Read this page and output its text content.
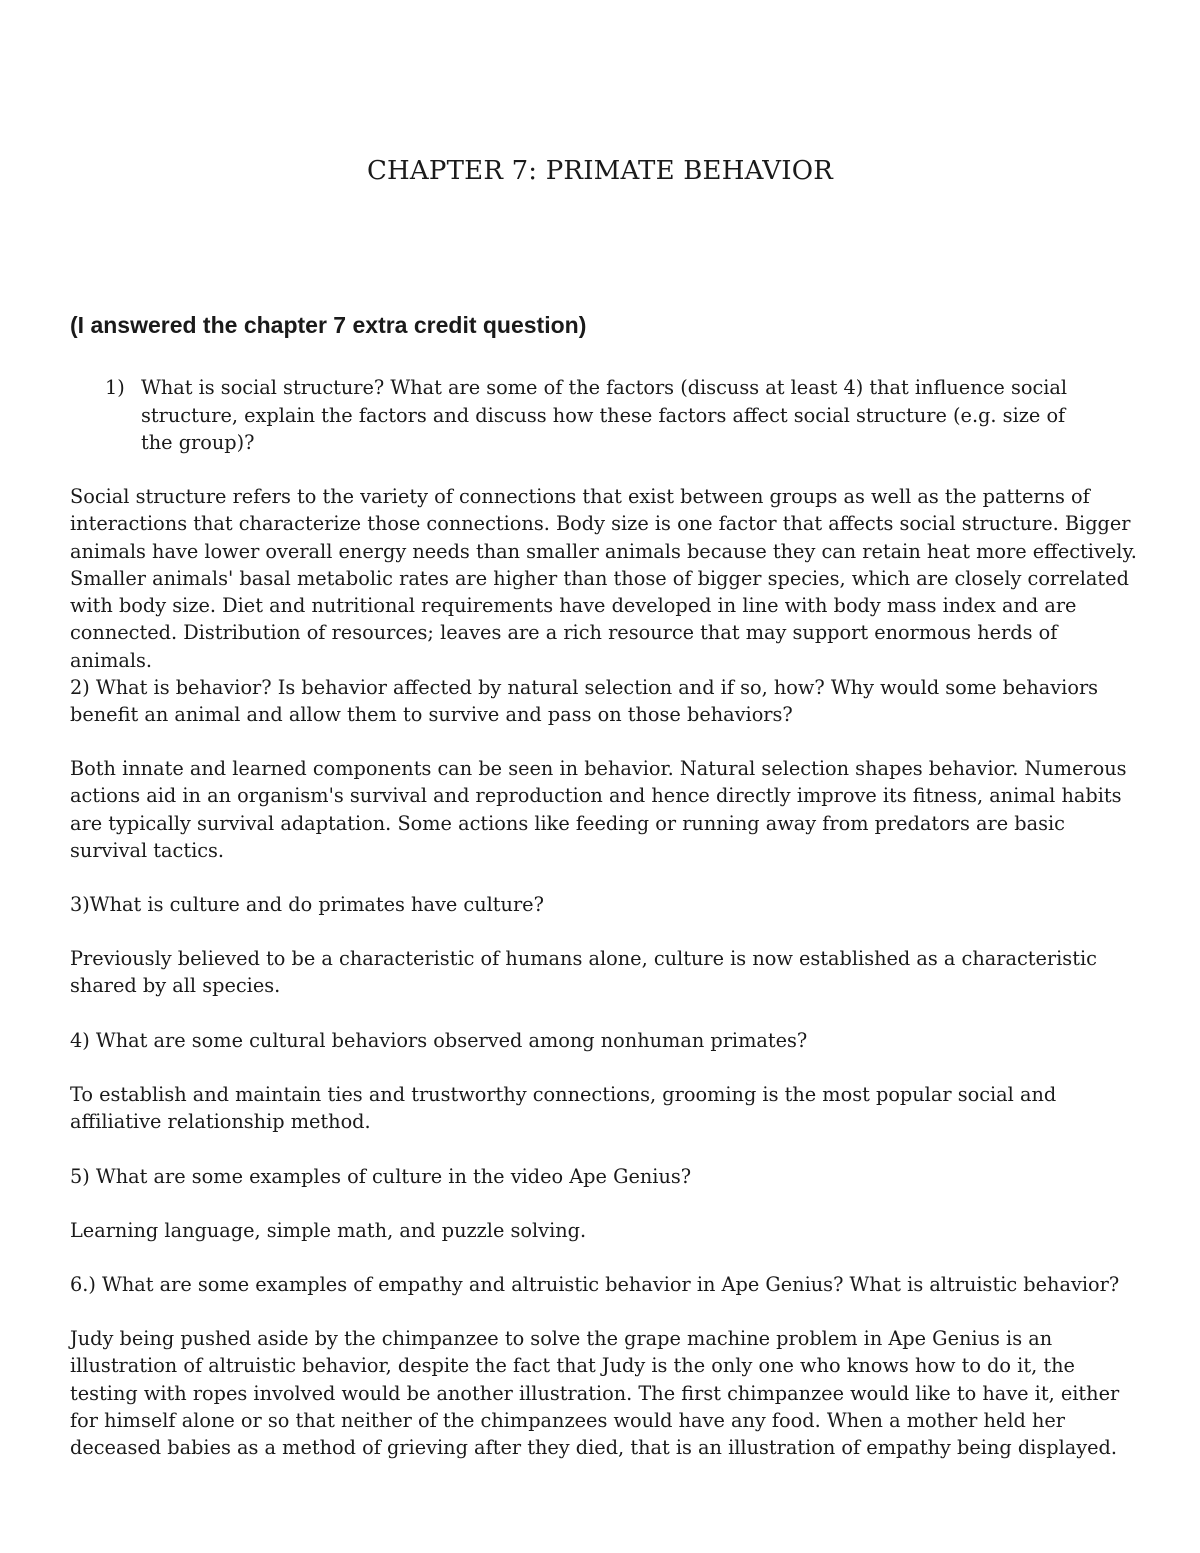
CHAPTER 7: PRIMATE BEHAVIOR
(I answered the chapter 7 extra credit question)
1) What is social structure? What are some of the factors (discuss at least 4) that influence social structure, explain the factors and discuss how these factors affect social structure (e.g. size of the group)?

Social structure refers to the variety of connections that exist between groups as well as the patterns of interactions that characterize those connections. Body size is one factor that affects social structure. Bigger animals have lower overall energy needs than smaller animals because they can retain heat more effectively. Smaller animals' basal metabolic rates are higher than those of bigger species, which are closely correlated with body size. Diet and nutritional requirements have developed in line with body mass index and are connected. Distribution of resources; leaves are a rich resource that may support enormous herds of animals.

2) What is behavior? Is behavior affected by natural selection and if so, how? Why would some behaviors benefit an animal and allow them to survive and pass on those behaviors?

Both innate and learned components can be seen in behavior. Natural selection shapes behavior. Numerous actions aid in an organism's survival and reproduction and hence directly improve its fitness, animal habits are typically survival adaptation. Some actions like feeding or running away from predators are basic survival tactics.

3)What is culture and do primates have culture?

Previously believed to be a characteristic of humans alone, culture is now established as a characteristic shared by all species.

4) What are some cultural behaviors observed among nonhuman primates?

To establish and maintain ties and trustworthy connections, grooming is the most popular social and affiliative relationship method.

5) What are some examples of culture in the video Ape Genius?

Learning language, simple math, and puzzle solving.

6.) What are some examples of empathy and altruistic behavior in Ape Genius? What is altruistic behavior?

Judy being pushed aside by the chimpanzee to solve the grape machine problem in Ape Genius is an illustration of altruistic behavior, despite the fact that Judy is the only one who knows how to do it, the testing with ropes involved would be another illustration. The first chimpanzee would like to have it, either for himself alone or so that neither of the chimpanzees would have any food. When a mother held her deceased babies as a method of grieving after they died, that is an illustration of empathy being displayed.
